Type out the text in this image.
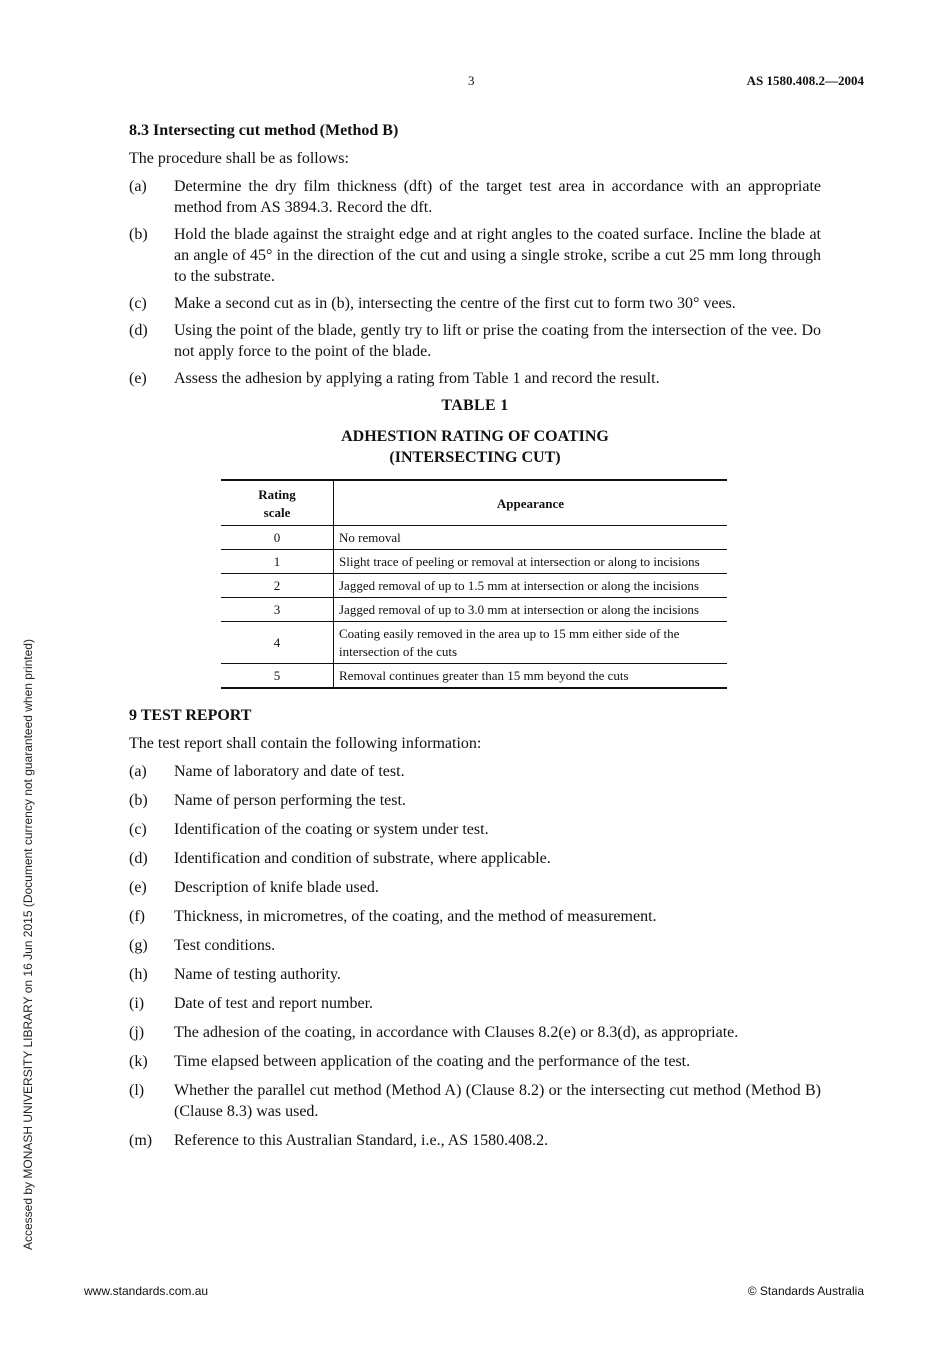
3	AS 1580.408.2—2004
Accessed by MONASH UNIVERSITY LIBRARY on 16 Jun 2015 (Document currency not guaranteed when printed)
8.3 Intersecting cut method (Method B)
The procedure shall be as follows:
(a)	Determine the dry film thickness (dft) of the target test area in accordance with an appropriate method from AS 3894.3. Record the dft.
(b)	Hold the blade against the straight edge and at right angles to the coated surface. Incline the blade at an angle of 45° in the direction of the cut and using a single stroke, scribe a cut 25 mm long through to the substrate.
(c)	Make a second cut as in (b), intersecting the centre of the first cut to form two 30° vees.
(d)	Using the point of the blade, gently try to lift or prise the coating from the intersection of the vee. Do not apply force to the point of the blade.
(e)	Assess the adhesion by applying a rating from Table 1 and record the result.
TABLE 1
ADHESTION RATING OF COATING
(INTERSECTING CUT)
Rating
scale	Appearance
0	No removal
1	Slight trace of peeling or removal at intersection or along to incisions
2	Jagged removal of up to 1.5 mm at intersection or along the incisions
3	Jagged removal of up to 3.0 mm at intersection or along the incisions
4	Coating easily removed in the area up to 15 mm either side of the intersection of the cuts
5	Removal continues greater than 15 mm beyond the cuts
9 TEST REPORT
The test report shall contain the following information:
(a)	Name of laboratory and date of test.
(b)	Name of person performing the test.
(c)	Identification of the coating or system under test.
(d)	Identification and condition of substrate, where applicable.
(e)	Description of knife blade used.
(f)	Thickness, in micrometres, of the coating, and the method of measurement.
(g)	Test conditions.
(h)	Name of testing authority.
(i)	Date of test and report number.
(j)	The adhesion of the coating, in accordance with Clauses 8.2(e) or 8.3(d), as appropriate.
(k)	Time elapsed between application of the coating and the performance of the test.
(l)	Whether the parallel cut method (Method A) (Clause 8.2) or the intersecting cut method (Method B) (Clause 8.3) was used.
(m)	Reference to this Australian Standard, i.e., AS 1580.408.2.
www.standards.com.au	© Standards Australia
